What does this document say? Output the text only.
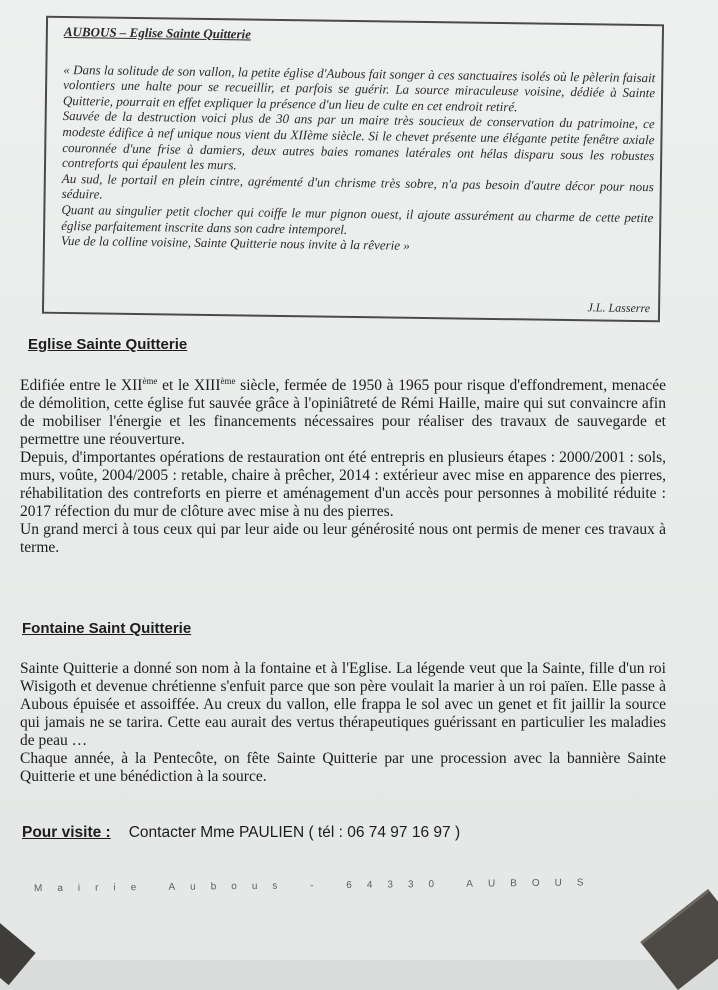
AUBOUS – Eglise Sainte Quitterie

« Dans la solitude de son vallon, la petite église d'Aubous fait songer à ces sanctuaires isolés où le pèlerin faisait volontiers une halte pour se recueillir, et parfois se guérir. La source miraculeuse voisine, dédiée à Sainte Quitterie, pourrait en effet expliquer la présence d'un lieu de culte en cet endroit retiré.

Sauvée de la destruction voici plus de 30 ans par un maire très soucieux de conservation du patrimoine, ce modeste édifice à nef unique nous vient du XIIème siècle. Si le chevet présente une élégante petite fenêtre axiale couronnée d'une frise à damiers, deux autres baies romanes latérales ont hélas disparu sous les robustes contreforts qui épaulent les murs.

Au sud, le portail en plein cintre, agrémenté d'un chrisme très sobre, n'a pas besoin d'autre décor pour nous séduire.

Quant au singulier petit clocher qui coiffe le mur pignon ouest, il ajoute assurément au charme de cette petite église parfaitement inscrite dans son cadre intemporel.

Vue de la colline voisine, Sainte Quitterie nous invite à la rêverie »

J.L. Lasserre
Eglise Sainte Quitterie

Edifiée entre le XIIème et le XIIIème siècle, fermée de 1950 à 1965 pour risque d'effondrement, menacée de démolition, cette église fut sauvée grâce à l'opiniâtreté de Rémi Haille, maire qui sut convaincre afin de mobiliser l'énergie et les financements nécessaires pour réaliser des travaux de sauvegarde et permettre une réouverture.

Depuis, d'importantes opérations de restauration ont été entrepris en plusieurs étapes : 2000/2001 : sols, murs, voûte, 2004/2005 : retable, chaire à prêcher, 2014 : extérieur avec mise en apparence des pierres, réhabilitation des contreforts en pierre et aménagement d'un accès pour personnes à mobilité réduite : 2017 réfection du mur de clôture avec mise à nu des pierres.

Un grand merci à tous ceux qui par leur aide ou leur générosité nous ont permis de mener ces travaux à terme.

Fontaine Saint Quitterie

Sainte Quitterie a donné son nom à la fontaine et à l'Eglise. La légende veut que la Sainte, fille d'un roi Wisigoth et devenue chrétienne s'enfuit parce que son père voulait la marier à un roi païen. Elle passe à Aubous épuisée et assoiffée. Au creux du vallon, elle frappa le sol avec un genet et fit jaillir la source qui jamais ne se tarira. Cette eau aurait des vertus thérapeutiques guérissant en particulier les maladies de peau …

Chaque année, à la Pentecôte, on fête Sainte Quitterie par une procession avec la bannière Sainte Quitterie et une bénédiction à la source.

Pour visite : Contacter Mme PAULIEN ( tél : 06 74 97 16 97 )
Mairie Aubous - 64330 AUBOUS
